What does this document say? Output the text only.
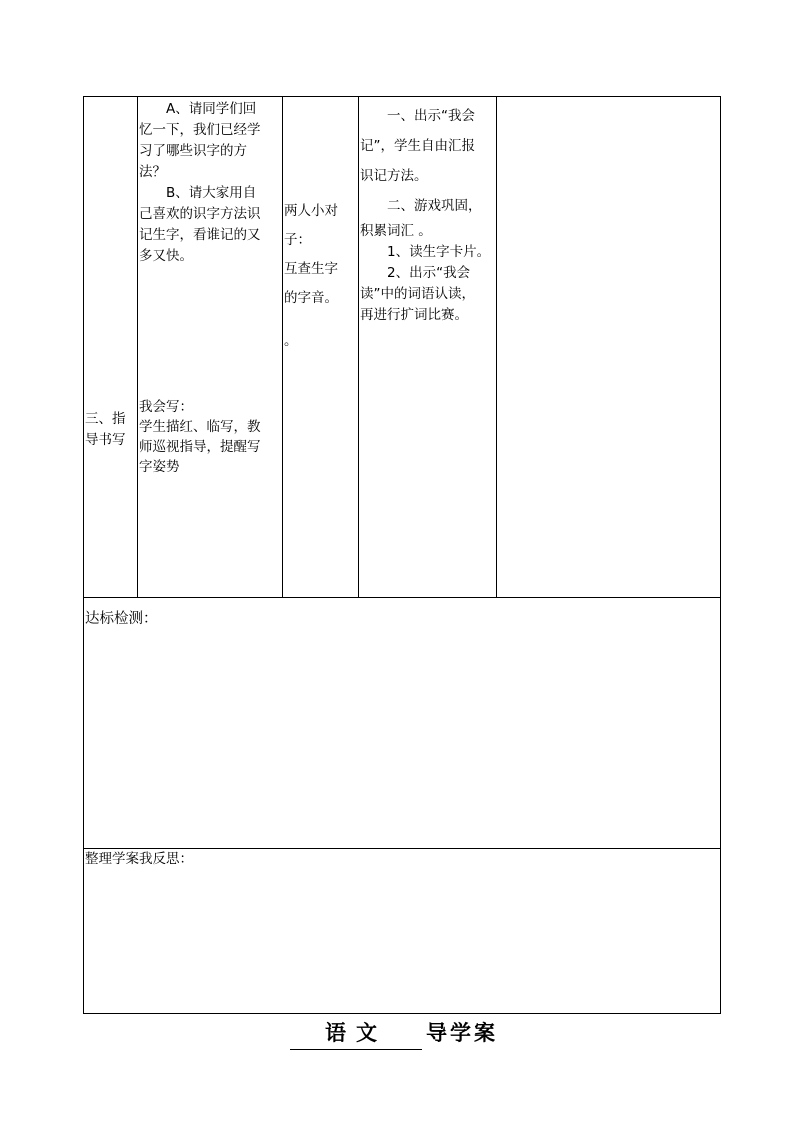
三、指
导书写
A、请同学们回
忆一下，我们已经学
习了哪些识字的方
法？
B、请大家用自
己喜欢的识字方法识
记生字，看谁记的又
多又快。
我会写：
学生描红、临写，教
师巡视指导，提醒写
字姿势
两人小对
子：
互查生字
的字音。
。
一、出示“我会
记”，学生自由汇报
识记方法。
二、游戏巩固，
积累词汇 。
1、读生字卡片。
2、出示“我会
读”中的词语认读，
再进行扩词比赛。
达标检测：
整理学案我反思：
语文	导学案
